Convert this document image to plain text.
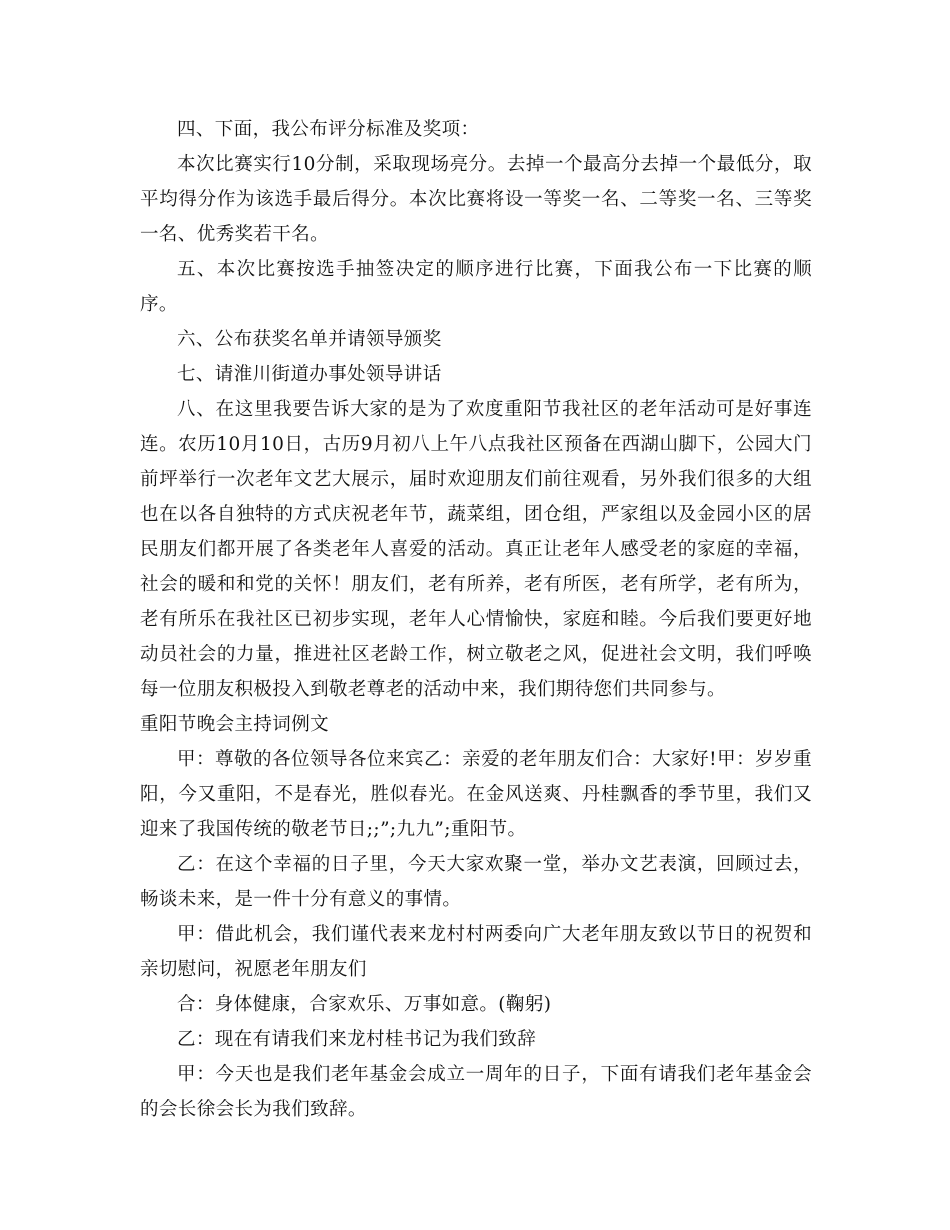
四、下面，我公布评分标准及奖项：

本次比赛实行10分制，采取现场亮分。去掉一个最高分去掉一个最低分，取平均得分作为该选手最后得分。本次比赛将设一等奖一名、二等奖一名、三等奖一名、优秀奖若干名。

五、本次比赛按选手抽签决定的顺序进行比赛，下面我公布一下比赛的顺序。

六、公布获奖名单并请领导颁奖

七、请淮川街道办事处领导讲话

八、在这里我要告诉大家的是为了欢度重阳节我社区的老年活动可是好事连连。农历10月10日，古历9月初八上午八点我社区预备在西湖山脚下，公园大门前坪举行一次老年文艺大展示，届时欢迎朋友们前往观看，另外我们很多的大组也在以各自独特的方式庆祝老年节，蔬菜组，团仓组，严家组以及金园小区的居民朋友们都开展了各类老年人喜爱的活动。真正让老年人感受老的家庭的幸福，社会的暖和和党的关怀！朋友们，老有所养，老有所医，老有所学，老有所为，老有所乐在我社区已初步实现，老年人心情愉快，家庭和睦。今后我们要更好地动员社会的力量，推进社区老龄工作，树立敬老之风，促进社会文明，我们呼唤每一位朋友积极投入到敬老尊老的活动中来，我们期待您们共同参与。

重阳节晚会主持词例文

甲：尊敬的各位领导各位来宾乙：亲爱的老年朋友们合：大家好!甲：岁岁重阳，今又重阳，不是春光，胜似春光。在金风送爽、丹桂飘香的季节里，我们又迎来了我国传统的敬老节日;;”;九九”;重阳节。

乙：在这个幸福的日子里，今天大家欢聚一堂，举办文艺表演，回顾过去，畅谈未来，是一件十分有意义的事情。

甲：借此机会，我们谨代表来龙村村两委向广大老年朋友致以节日的祝贺和亲切慰问，祝愿老年朋友们

合：身体健康，合家欢乐、万事如意。(鞠躬)

乙：现在有请我们来龙村桂书记为我们致辞

甲：今天也是我们老年基金会成立一周年的日子，下面有请我们老年基金会的会长徐会长为我们致辞。
